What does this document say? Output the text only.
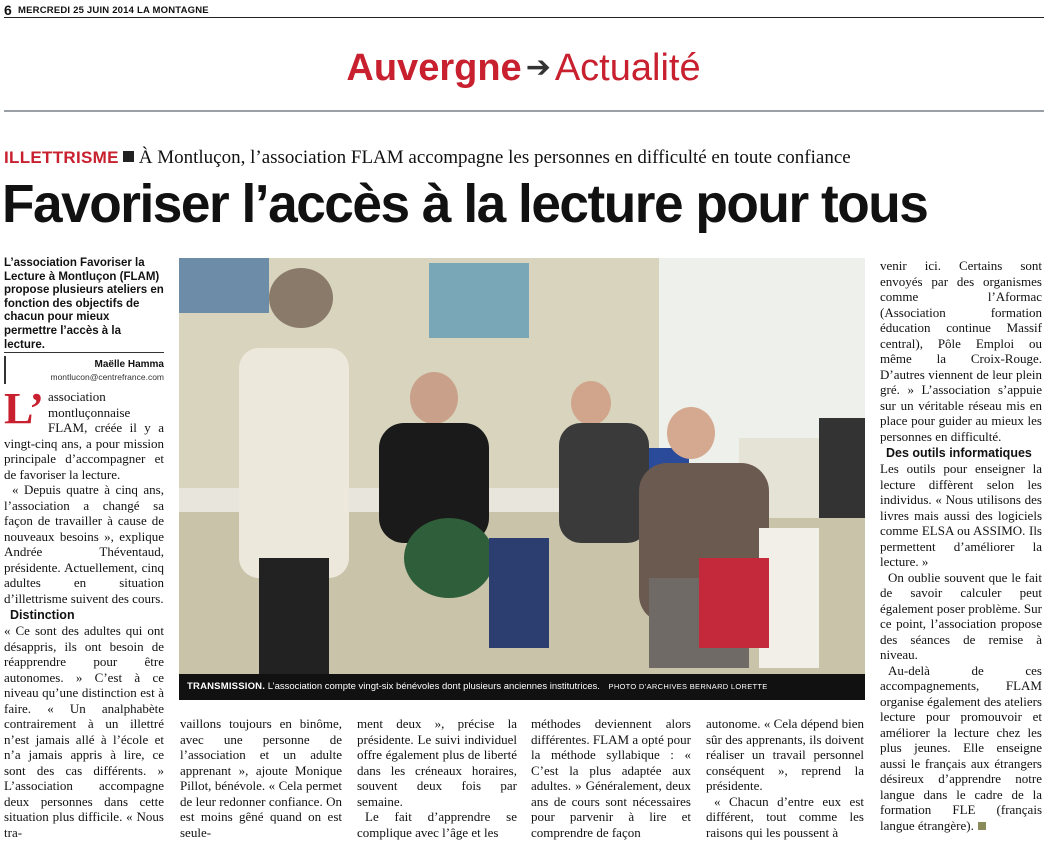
6 MERCREDI 25 JUIN 2014 LA MONTAGNE
Auvergne ➔ Actualité
ILLETTRISME À Montluçon, l’association FLAM accompagne les personnes en difficulté en toute confiance
Favoriser l’accès à la lecture pour tous
L’association Favoriser la Lecture à Montluçon (FLAM) propose plusieurs ateliers en fonction des objectifs de chacun pour mieux permettre l’accès à la lecture.
Maëlle Hamma
montlucon@centrefrance.com

L’ association montluçonnaise FLAM, créée il y a vingt-cinq ans, a pour mission principale d’accompagner et de favoriser la lecture.

« Depuis quatre à cinq ans, l’association a changé sa façon de travailler à cause de nouveaux besoins », explique Andrée Théventaud, présidente. Actuellement, cinq adultes en situation d’illettrisme suivent des cours.

Distinction

« Ce sont des adultes qui ont désappris, ils ont besoin de réapprendre pour être autonomes. » C’est à ce niveau qu’une distinction est à faire. « Un analphabète contrairement à un illettré n’est jamais allé à l’école et n’a jamais appris à lire, ce sont des cas différents. » L’association accompagne deux personnes dans cette situation plus difficile. « Nous tra-

TRANSMISSION. L’association compte vingt-six bénévoles dont plusieurs anciennes institutrices. PHOTO D’ARCHIVES BERNARD LORETTE

vaillons toujours en binôme, avec une personne de l’association et un adulte apprenant », ajoute Monique Pillot, bénévole. « Cela permet de leur redonner confiance. On est moins gêné quand on est seule-

ment deux », précise la présidente. Le suivi individuel offre également plus de liberté dans les créneaux horaires, souvent deux fois par semaine.

Le fait d’apprendre se complique avec l’âge et les

méthodes deviennent alors différentes. FLAM a opté pour la méthode syllabique : « C’est la plus adaptée aux adultes. » Généralement, deux ans de cours sont nécessaires pour parvenir à lire et comprendre de façon

autonome. « Cela dépend bien sûr des apprenants, ils doivent réaliser un travail personnel conséquent », reprend la présidente.

« Chacun d’entre eux est différent, tout comme les raisons qui les poussent à

venir ici. Certains sont envoyés par des organismes comme l’Aformac (Association formation éducation continue Massif central), Pôle Emploi ou même la Croix-Rouge. D’autres viennent de leur plein gré. » L’association s’appuie sur un véritable réseau mis en place pour guider au mieux les personnes en difficulté.

Des outils informatiques

Les outils pour enseigner la lecture diffèrent selon les individus. « Nous utilisons des livres mais aussi des logiciels comme ELSA ou ASSIMO. Ils permettent d’améliorer la lecture. »

On oublie souvent que le fait de savoir calculer peut également poser problème. Sur ce point, l’association propose des séances de remise à niveau.

Au-delà de ces accompagnements, FLAM organise également des ateliers lecture pour promouvoir et améliorer la lecture chez les plus jeunes. Elle enseigne aussi le français aux étrangers désireux d’apprendre notre langue dans le cadre de la formation FLE (français langue étrangère).
